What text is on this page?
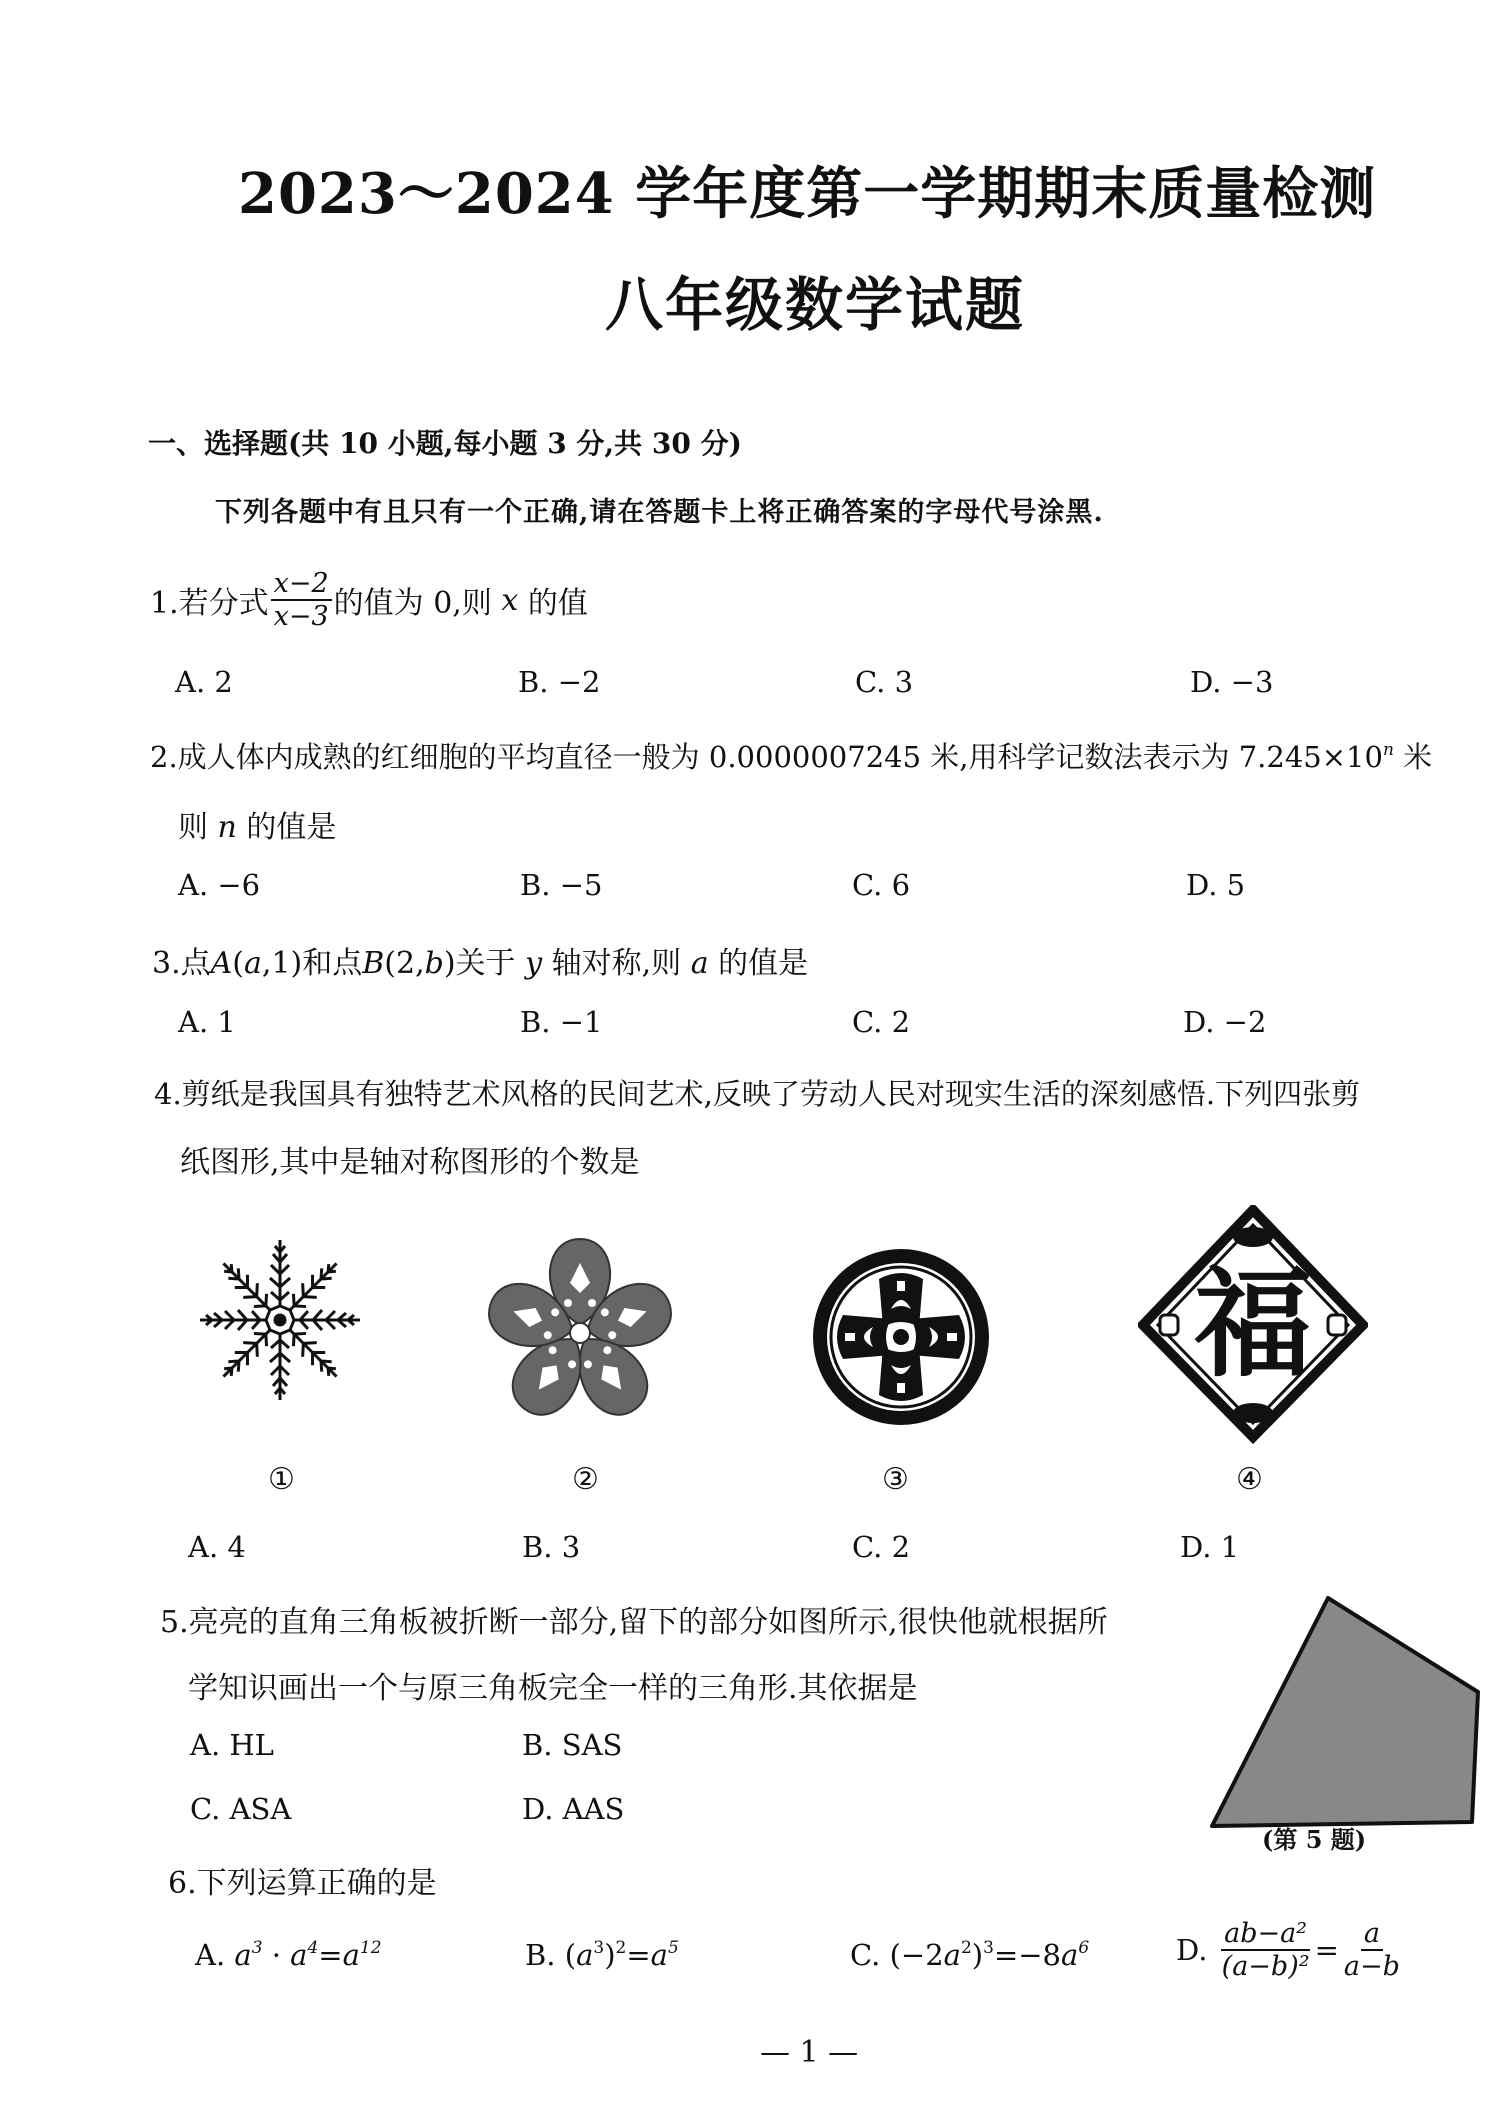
2023～2024 学年度第一学期期末质量检测
八年级数学试题
一、选择题(共 10 小题,每小题 3 分,共 30 分)
下列各题中有且只有一个正确,请在答题卡上将正确答案的字母代号涂黑.
1.若分式 $\frac{x-2}{x-3}$ 的值为 0,则
x
的值
A. 2	B. −2	C. 3	D. −3
2.成人体内成熟的红细胞的平均直径一般为 0.0000007245 米,用科学记数法表示为 $7.245\times 10^n$ 米
则 n 的值是
A. −6	B. −5	C. 6	D. 5
3.点A(a,1)和点B(2,b)关于 y 轴对称,则 a 的值是
A. 1	B. −1	C. 2	D. −2
4.剪纸是我国具有独特艺术风格的民间艺术,反映了劳动人民对现实生活的深刻感悟.下列四张剪
纸图形,其中是轴对称图形的个数是
福
①	②	③	④
A. 4	B. 3	C. 2	D. 1
5.亮亮的直角三角板被折断一部分,留下的部分如图所示,很快他就根据所
学知识画出一个与原三角板完全一样的三角形.其依据是
A. HL	B. SAS
C. ASA	D. AAS
(第 5 题)
6.下列运算正确的是
A. $a^3 \cdot a^4=a^{12}$	B. $(a^3)^2=a^5$	C. $(-2a^2)^3=-8a^6$	D.
$\frac{\text{ab−a²}}{\text{(a−b)²}} = \frac{a}{a-b}$
— 1 —
